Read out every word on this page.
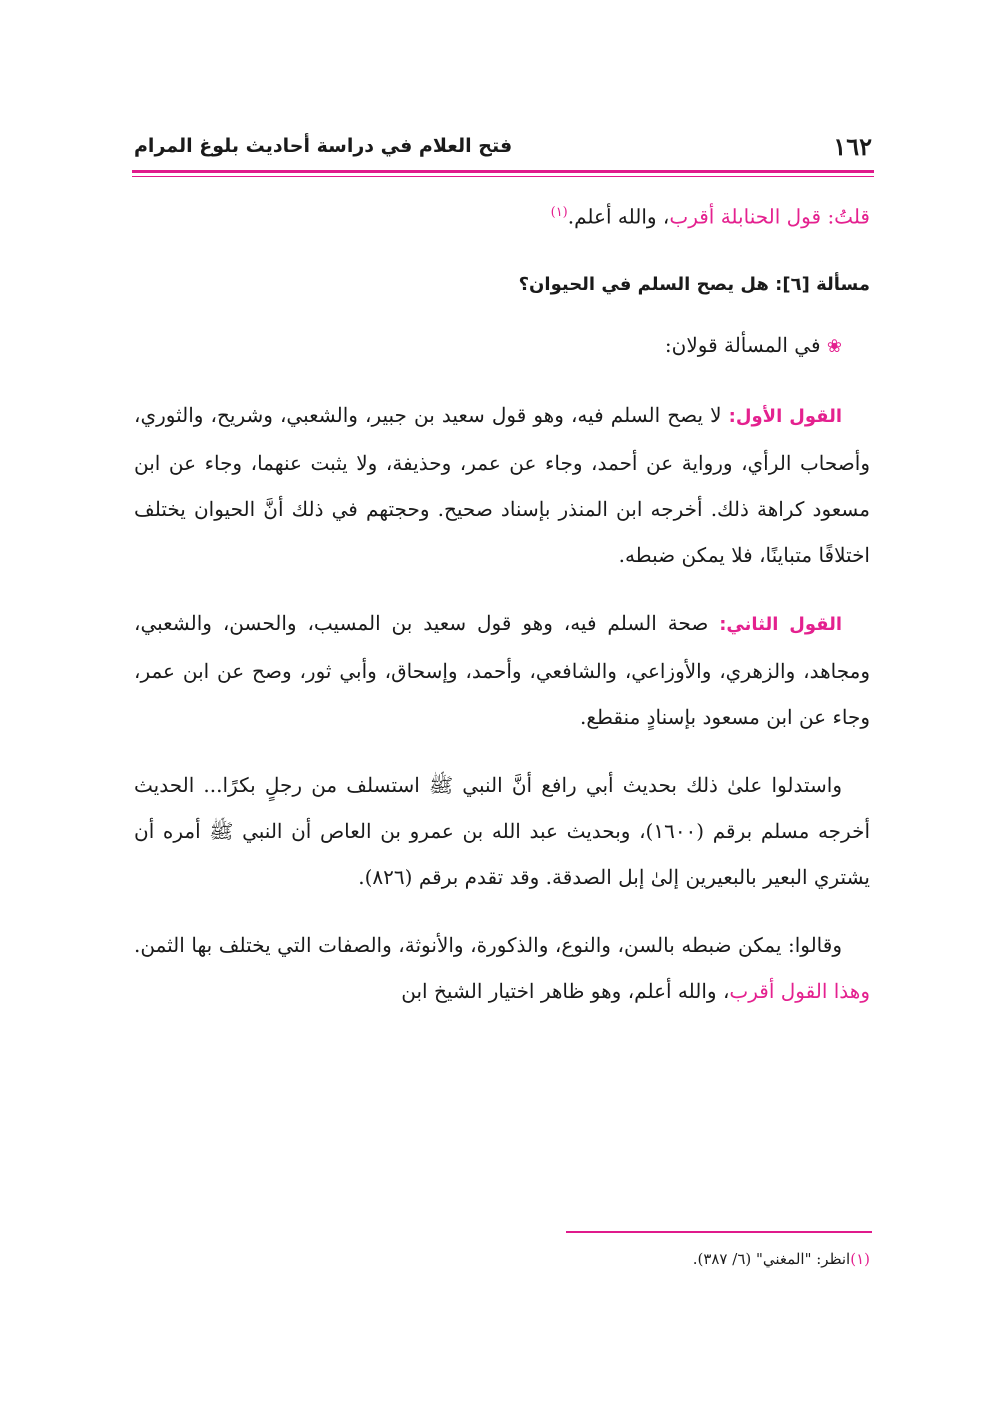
١٦٢
فتح العلام في دراسة أحاديث بلوغ المرام

قلتُ: قول الحنابلة أقرب، والله أعلم.$^{(١)}$

مسألة [٦]: هل يصح السلم في الحيوان؟

❀ في المسألة قولان:

القول الأول: لا يصح السلم فيه، وهو قول سعيد بن جبير، والشعبي، وشريح، والثوري، وأصحاب الرأي، ورواية عن أحمد، وجاء عن عمر، وحذيفة، ولا يثبت عنهما، وجاء عن ابن مسعود كراهة ذلك. أخرجه ابن المنذر بإسناد صحيح. وحجتهم في ذلك أنَّ الحيوان يختلف اختلافًا متباينًا، فلا يمكن ضبطه.

القول الثاني: صحة السلم فيه، وهو قول سعيد بن المسيب، والحسن، والشعبي، ومجاهد، والزهري، والأوزاعي، والشافعي، وأحمد، وإسحاق، وأبي ثور، وصح عن ابن عمر، وجاء عن ابن مسعود بإسنادٍ منقطع.

واستدلوا علىٰ ذلك بحديث أبي رافع أنَّ النبي ﷺ استسلف من رجلٍ بكرًا... الحديث أخرجه مسلم برقم (١٦٠٠)، وبحديث عبد الله بن عمرو بن العاص أن النبي ﷺ أمره أن يشتري البعير بالبعيرين إلىٰ إبل الصدقة. وقد تقدم برقم (٨٢٦).

وقالوا: يمكن ضبطه بالسن، والنوع، والذكورة، والأنوثة، والصفات التي يختلف بها الثمن. وهذا القول أقرب، والله أعلم، وهو ظاهر اختيار الشيخ ابن

(١)انظر: "المغني" (٦/ ٣٨٧).
